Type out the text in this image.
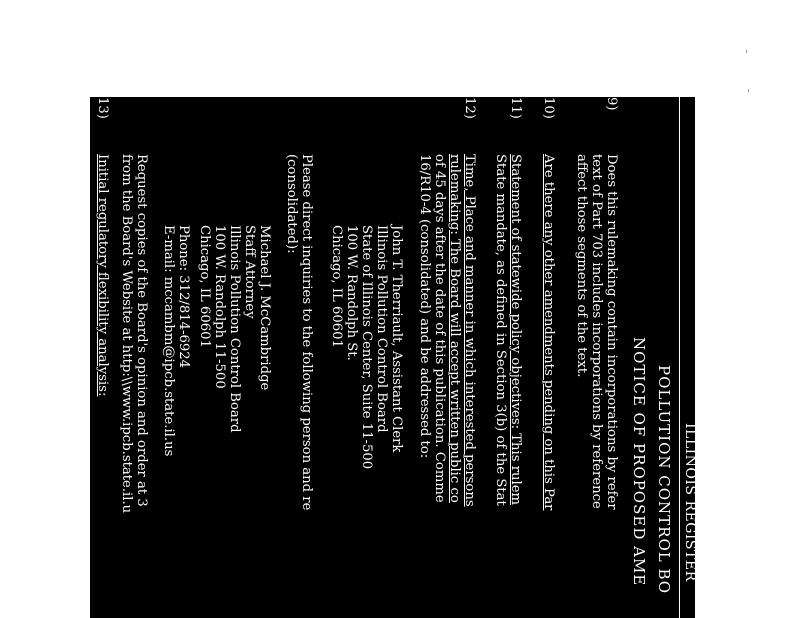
ILLINOIS REGISTER
POLLUTION CONTROL BO
NOTICE OF PROPOSED AME
9)
Does this rulemaking contain incorporations by refer
text of Part 703 includes incorporations by reference
affect those segments of the text.
10)
Are there any other amendments pending on this Par
11)
Statement of statewide policy objectives: This rulem
State mandate, as defined in Section 3(b) of the Stat
12)
Time, Place and manner in which interested persons
rulemaking: The Board will accept written public co
of 45 days after the date of this publication. Comme
16/R10-4 (consolidated) and be addressed to:
John T. Therriault, Assistant Clerk
Illinois Pollution Control Board
State of Illinois Center, Suite 11-500
100 W. Randolph St.
Chicago, IL 60601
Please direct inquiries to the following person and re
(consolidated):
Michael J. McCambridge
Staff Attorney
Illinois Pollution Control Board
100 W. Randolph 11-500
Chicago, IL 60601
Phone: 312/814-6924
E-mail: mccambm@ipcb.state.il.us
Request copies of the Board's opinion and order at 3
from the Board's Website at http:\\www.ipcb.state.il.u
13)
Initial regulatory flexibility analysis:
A)
Types of small businesses, small municipaliti
affected: This rulemaking may affect those s
